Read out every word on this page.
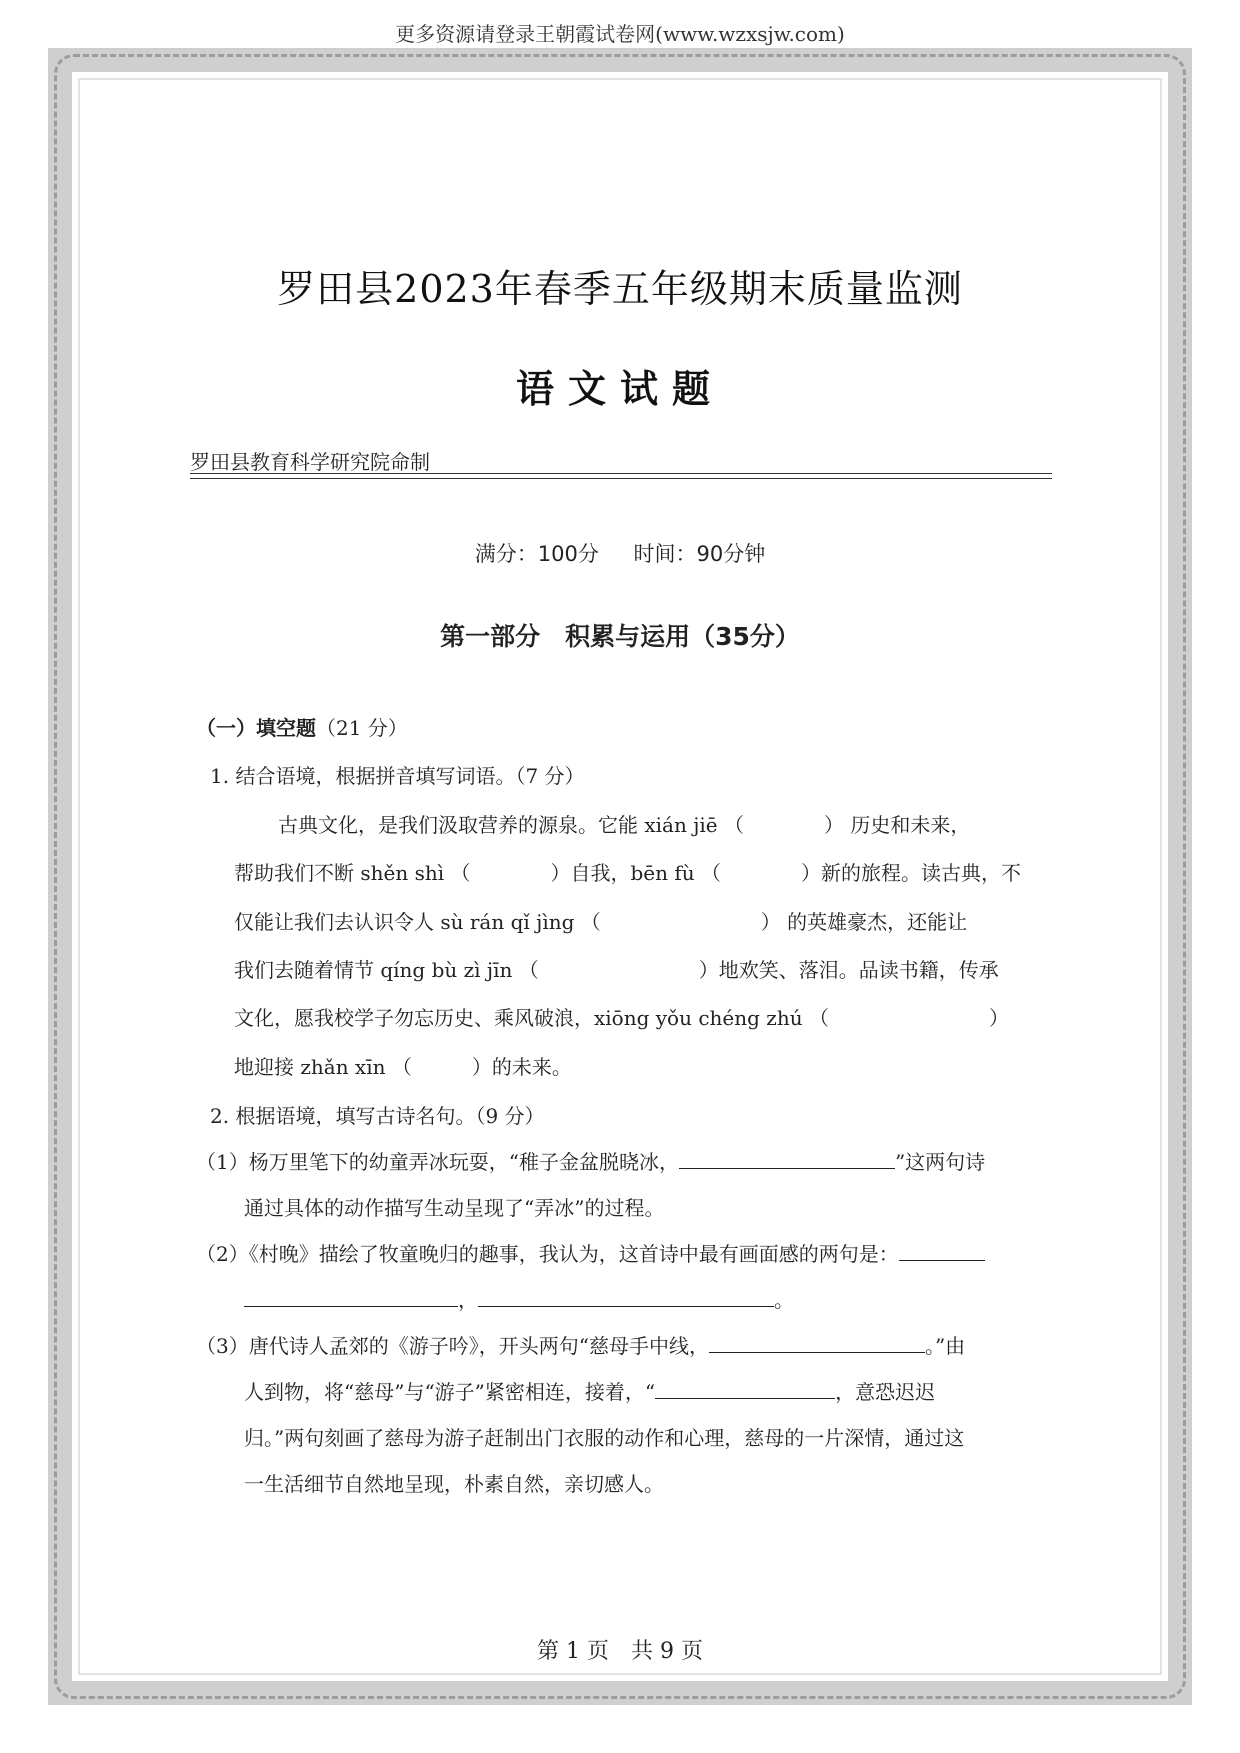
更多资源请登录王朝霞试卷网(www.wzxsjw.com)
罗田县2023年春季五年级期末质量监测
语文试题
罗田县教育科学研究院命制
满分：100分 时间：90分钟
第一部分　积累与运用（35分）
（一）填空题（21 分）
1. 结合语境，根据拼音填写词语。（7 分）
古典文化，是我们汲取营养的源泉。它能 xián jiē （　　　　） 历史和未来，
帮助我们不断 shěn shì （　　　　）自我，bēn fù （　　　　）新的旅程。读古典，不
仅能让我们去认识令人 sù rán qǐ jìng （　　　　　　　　） 的英雄豪杰，还能让
我们去随着情节 qíng bù zì jīn （　　　　　　　　）地欢笑、落泪。品读书籍，传承
文化，愿我校学子勿忘历史、乘风破浪，xiōng yǒu chéng zhú （　　　　　　　　）
地迎接 zhǎn xīn （　　　）的未来。
2. 根据语境，填写古诗名句。（9 分）
（1）杨万里笔下的幼童弄冰玩耍，“稚子金盆脱晓冰，	”这两句诗
通过具体的动作描写生动呈现了“弄冰”的过程。
（2）《村晚》描绘了牧童晚归的趣事，我认为，这首诗中最有画面感的两句是：
，	。
（3）唐代诗人孟郊的《游子吟》，开头两句“慈母手中线，	。”由
人到物，将“慈母”与“游子”紧密相连，接着，“	，意恐迟迟
归。”两句刻画了慈母为游子赶制出门衣服的动作和心理，慈母的一片深情，通过这
一生活细节自然地呈现，朴素自然，亲切感人。
第 1 页　共 9 页
